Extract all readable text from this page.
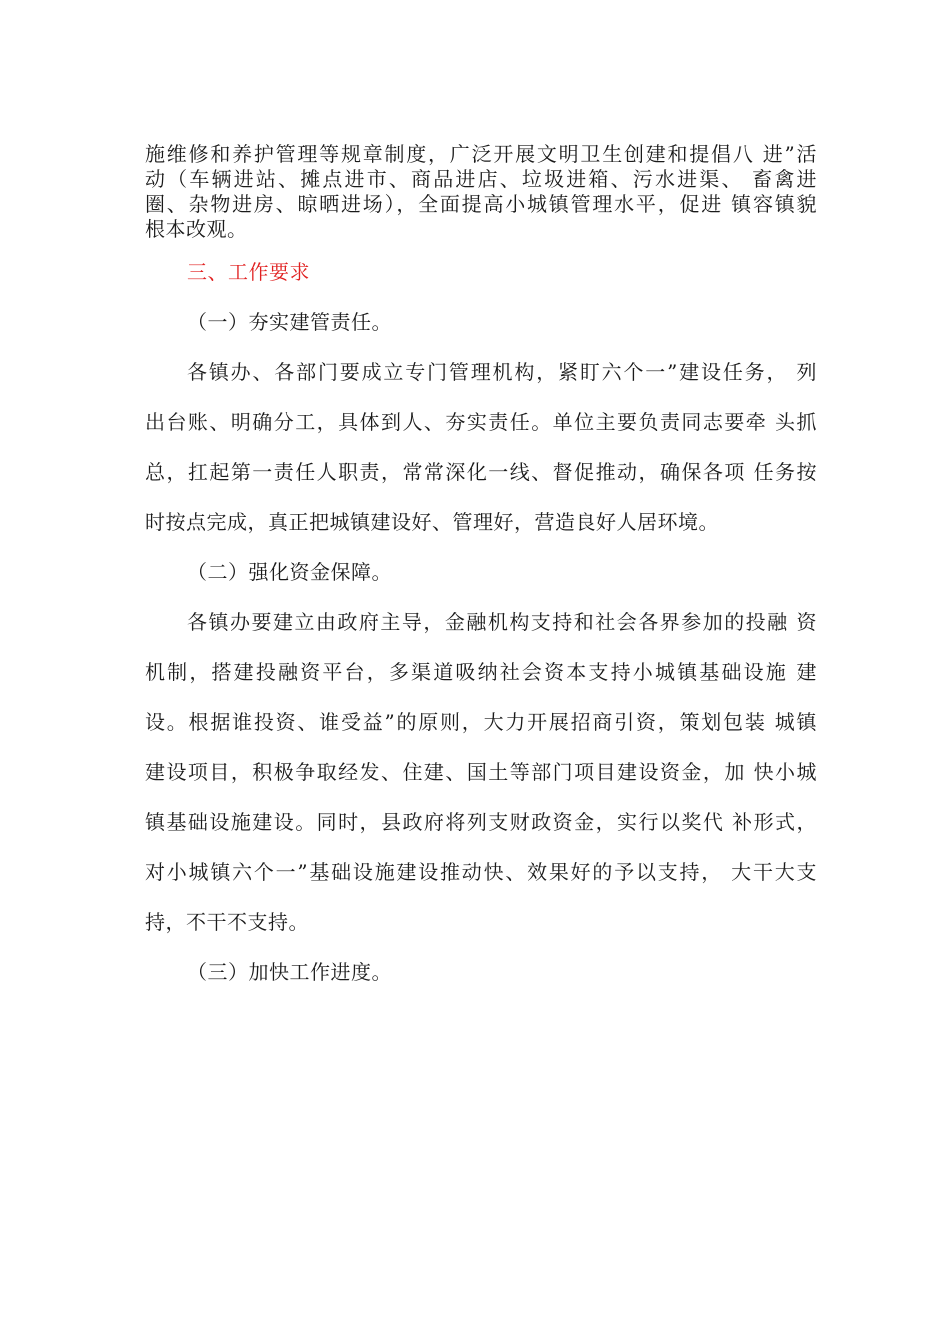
施维修和养护管理等规章制度，广泛开展文明卫生创建和提倡八 进”活
动（车辆进站、摊点进市、商品进店、垃圾进箱、污水进渠、 畜禽进
圈、杂物进房、晾晒进场），全面提高小城镇管理水平，促进 镇容镇貌
根本改观。
三、工作要求
（一）夯实建管责任。
各镇办、各部门要成立专门管理机构，紧盯六个一”建设任务， 列
出台账、明确分工，具体到人、夯实责任。单位主要负责同志要牵 头抓
总，扛起第一责任人职责，常常深化一线、督促推动，确保各项 任务按
时按点完成，真正把城镇建设好、管理好，营造良好人居环境。
（二）强化资金保障。
各镇办要建立由政府主导，金融机构支持和社会各界参加的投融 资
机制，搭建投融资平台，多渠道吸纳社会资本支持小城镇基础设施 建
设。根据谁投资、谁受益”的原则，大力开展招商引资，策划包装 城镇
建设项目，积极争取经发、住建、国土等部门项目建设资金，加 快小城
镇基础设施建设。同时，县政府将列支财政资金，实行以奖代 补形式，
对小城镇六个一”基础设施建设推动快、效果好的予以支持， 大干大支
持，不干不支持。
（三）加快工作进度。
